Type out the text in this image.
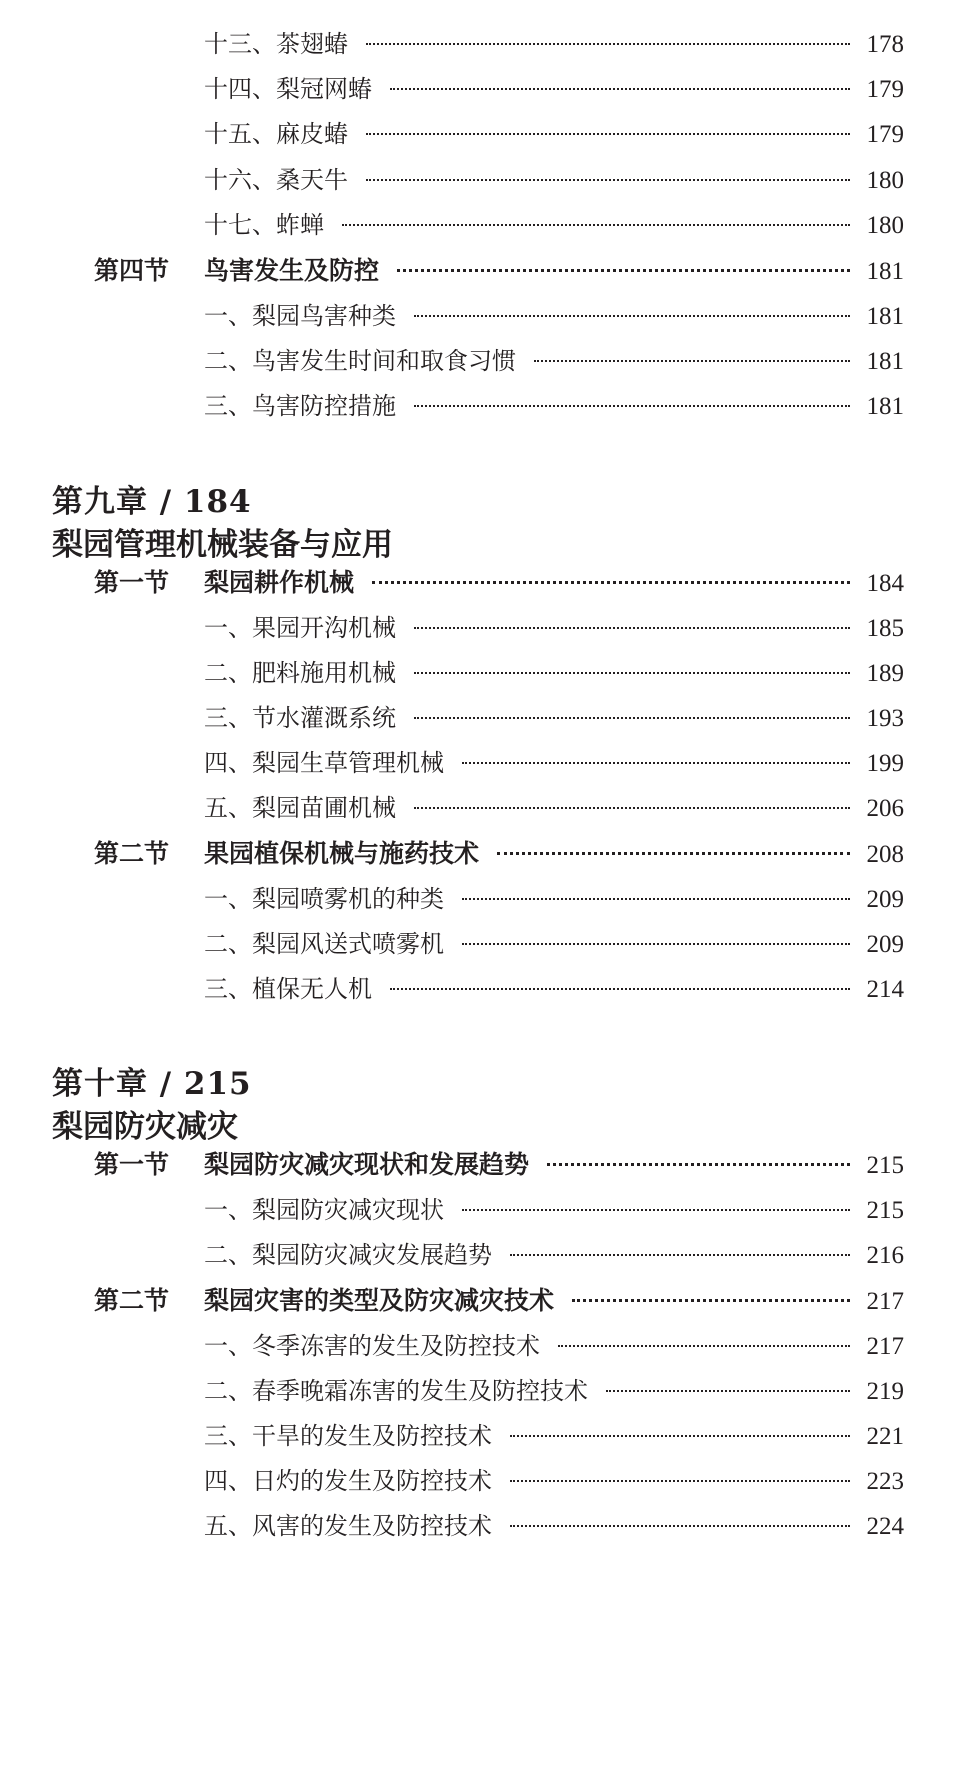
十三、茶翅蝽	178
十四、梨冠网蝽	179
十五、麻皮蝽	179
十六、桑天牛	180
十七、蚱蝉	180
第四节	鸟害发生及防控	181
一、梨园鸟害种类	181
二、鸟害发生时间和取食习惯	181
三、鸟害防控措施	181
第九章 / 184
梨园管理机械装备与应用
第一节	梨园耕作机械	184
一、果园开沟机械	185
二、肥料施用机械	189
三、节水灌溉系统	193
四、梨园生草管理机械	199
五、梨园苗圃机械	206
第二节	果园植保机械与施药技术	208
一、梨园喷雾机的种类	209
二、梨园风送式喷雾机	209
三、植保无人机	214
第十章 / 215
梨园防灾减灾
第一节	梨园防灾减灾现状和发展趋势	215
一、梨园防灾减灾现状	215
二、梨园防灾减灾发展趋势	216
第二节	梨园灾害的类型及防灾减灾技术	217
一、冬季冻害的发生及防控技术	217
二、春季晚霜冻害的发生及防控技术	219
三、干旱的发生及防控技术	221
四、日灼的发生及防控技术	223
五、风害的发生及防控技术	224
